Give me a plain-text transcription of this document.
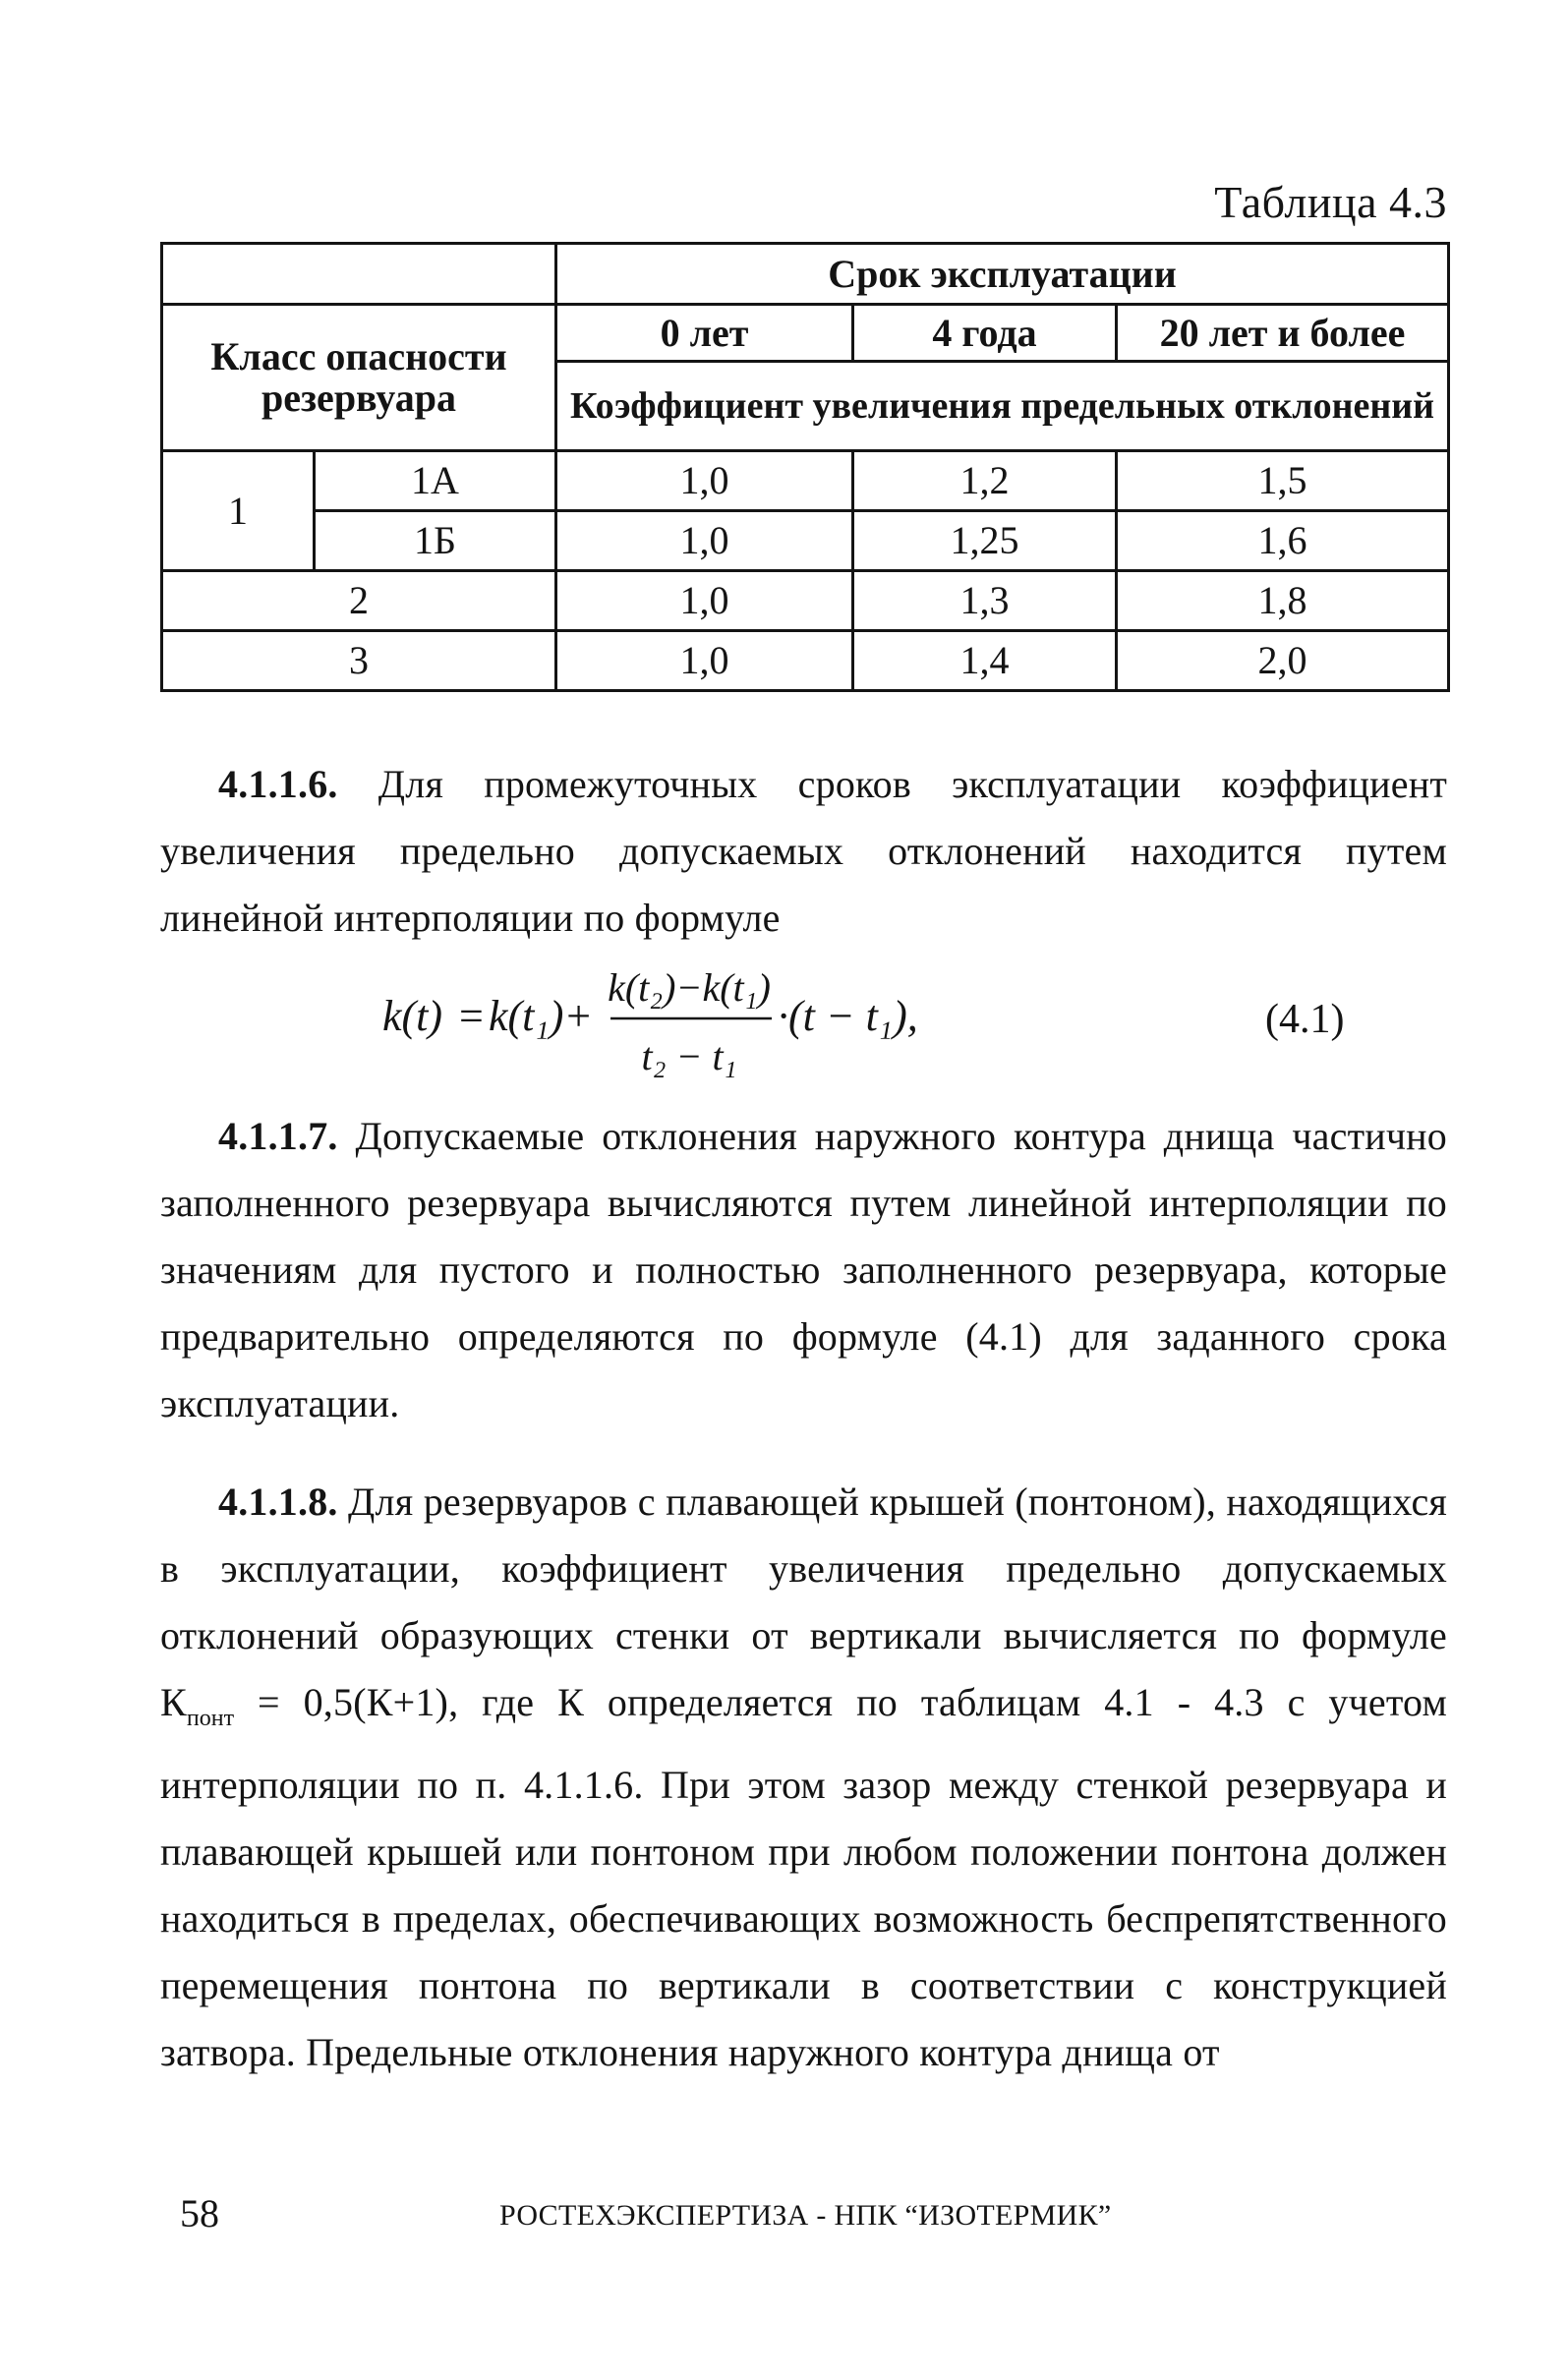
Таблица 4.3
		Срок эксплуатации		
Класс опасности резервуара		0 лет	4 года	20 лет и более
		Коэффициент увеличения предельных отклонений		
1	1А	1,0	1,2	1,5
	1Б	1,0	1,25	1,6
2		1,0	1,3	1,8
3		1,0	1,4	2,0

4.1.1.6. Для промежуточных сроков эксплуатации коэффициент увеличения предельно допускаемых отклонений находится путем линейной интерполяции по формуле

k(t) = k(t₁)+
k(t₂)−k(t₁)
t₂ − t₁
·(t − t₁),	(4.1)

4.1.1.7. Допускаемые отклонения наружного контура днища частично заполненного резервуара вычисляются путем линейной интерполяции по значениям для пустого и полностью заполненного резервуара, которые предварительно определяются по формуле (4.1) для заданного срока эксплуатации.

4.1.1.8. Для резервуаров с плавающей крышей (понтоном), находящихся в эксплуатации, коэффициент увеличения предельно допускаемых отклонений образующих стенки от вертикали вычисляется по формуле $К_{понт} = 0,5(К+1)$, где К определяется по таблицам 4.1 - 4.3 с учетом интерполяции по п. 4.1.1.6. При этом зазор между стенкой резервуара и плавающей крышей или понтоном при любом положении понтона должен находиться в пределах, обеспечивающих возможность беспрепятственного перемещения понтона по вертикали в соответствии с конструкцией затвора. Предельные отклонения наружного контура днища от

58	РОСТЕХЭКСПЕРТИЗА - НПК “ИЗОТЕРМИК”
